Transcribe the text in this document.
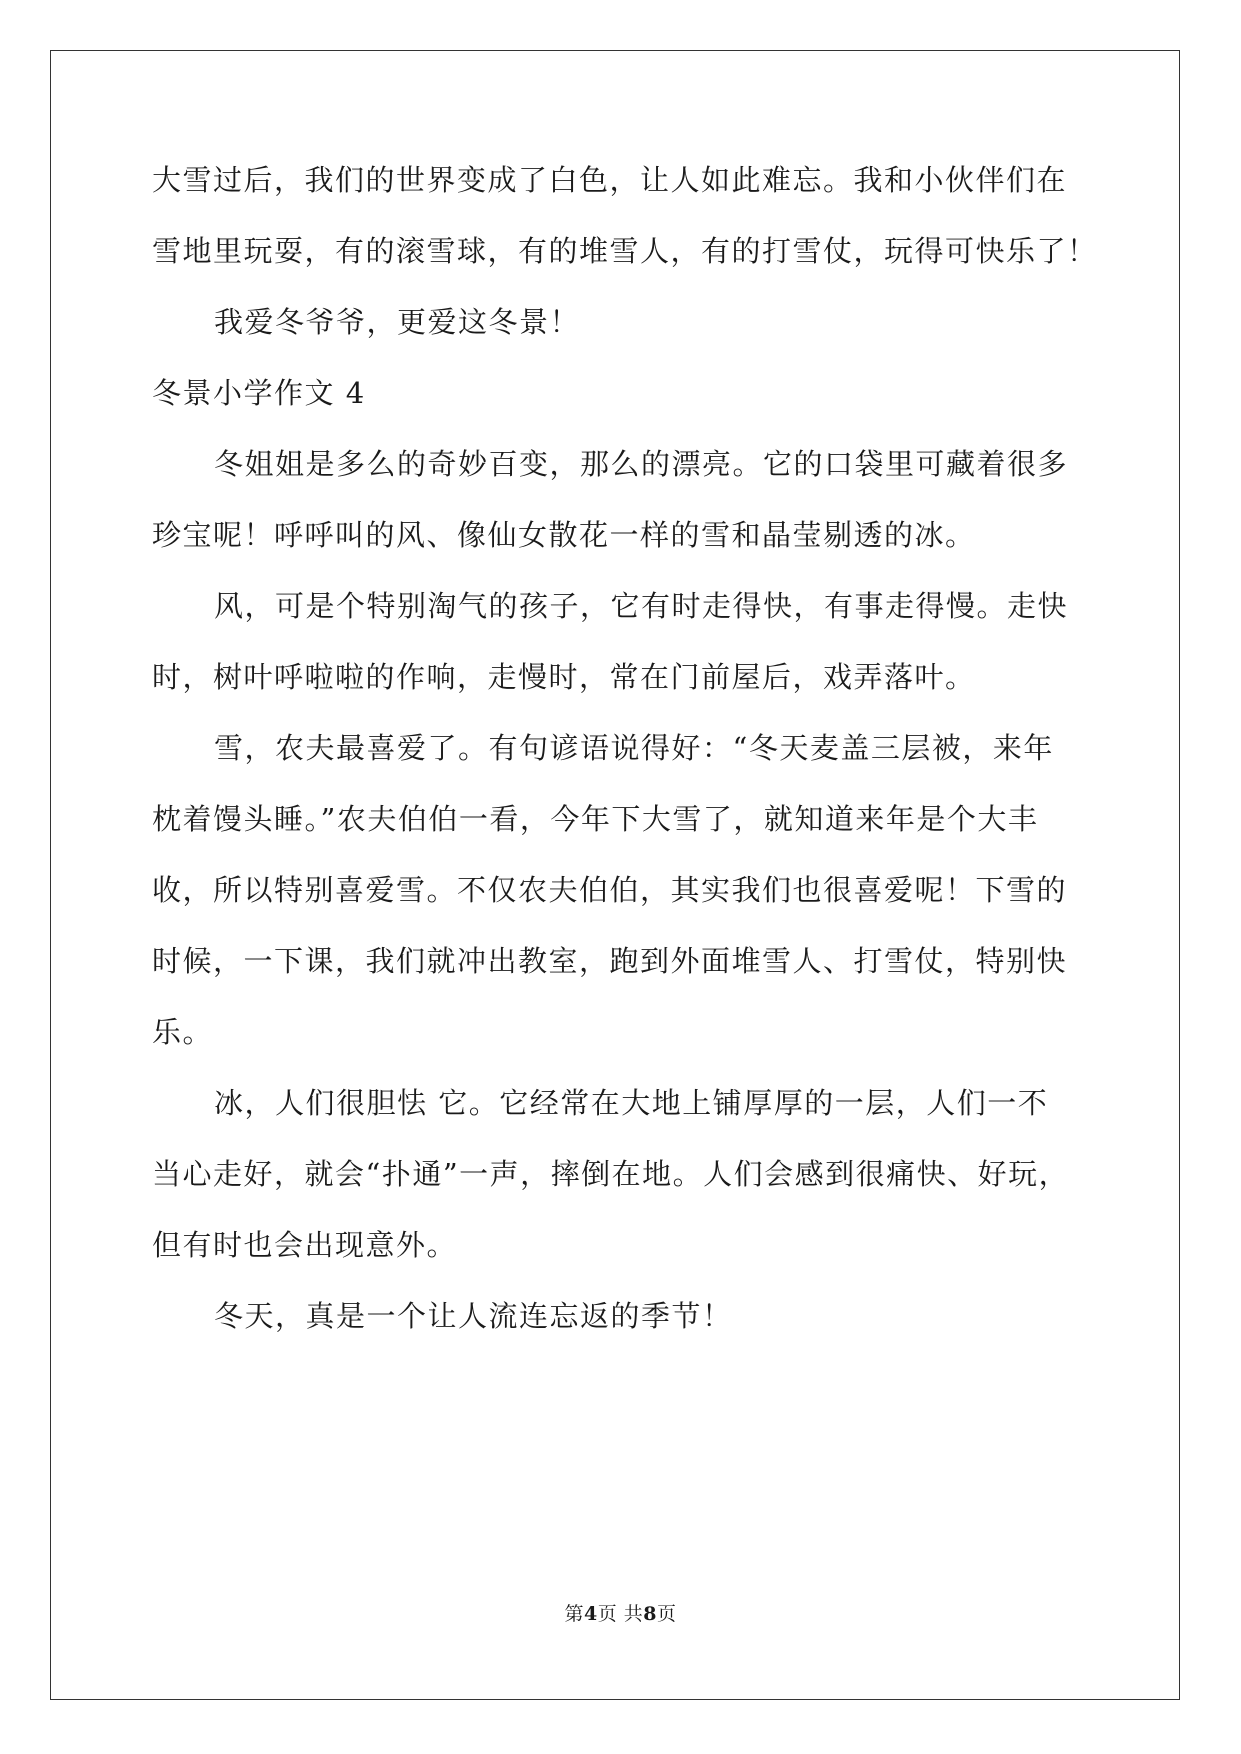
大雪过后，我们的世界变成了白色，让人如此难忘。我和小伙伴们在
雪地里玩耍，有的滚雪球，有的堆雪人，有的打雪仗，玩得可快乐了！
我爱冬爷爷，更爱这冬景！
冬景小学作文 4
冬姐姐是多么的奇妙百变，那么的漂亮。它的口袋里可藏着很多
珍宝呢！呼呼叫的风、像仙女散花一样的雪和晶莹剔透的冰。
风，可是个特别淘气的孩子，它有时走得快，有事走得慢。走快
时，树叶呼啦啦的作响，走慢时，常在门前屋后，戏弄落叶。
雪，农夫最喜爱了。有句谚语说得好：“冬天麦盖三层被，来年
枕着馒头睡。”农夫伯伯一看，今年下大雪了，就知道来年是个大丰
收，所以特别喜爱雪。不仅农夫伯伯，其实我们也很喜爱呢！下雪的
时候，一下课，我们就冲出教室，跑到外面堆雪人、打雪仗，特别快
乐。
冰，人们很胆怯 它。它经常在大地上铺厚厚的一层，人们一不
当心走好，就会“扑通”一声，摔倒在地。人们会感到很痛快、好玩，
但有时也会出现意外。
冬天，真是一个让人流连忘返的季节！
第4页 共8页
